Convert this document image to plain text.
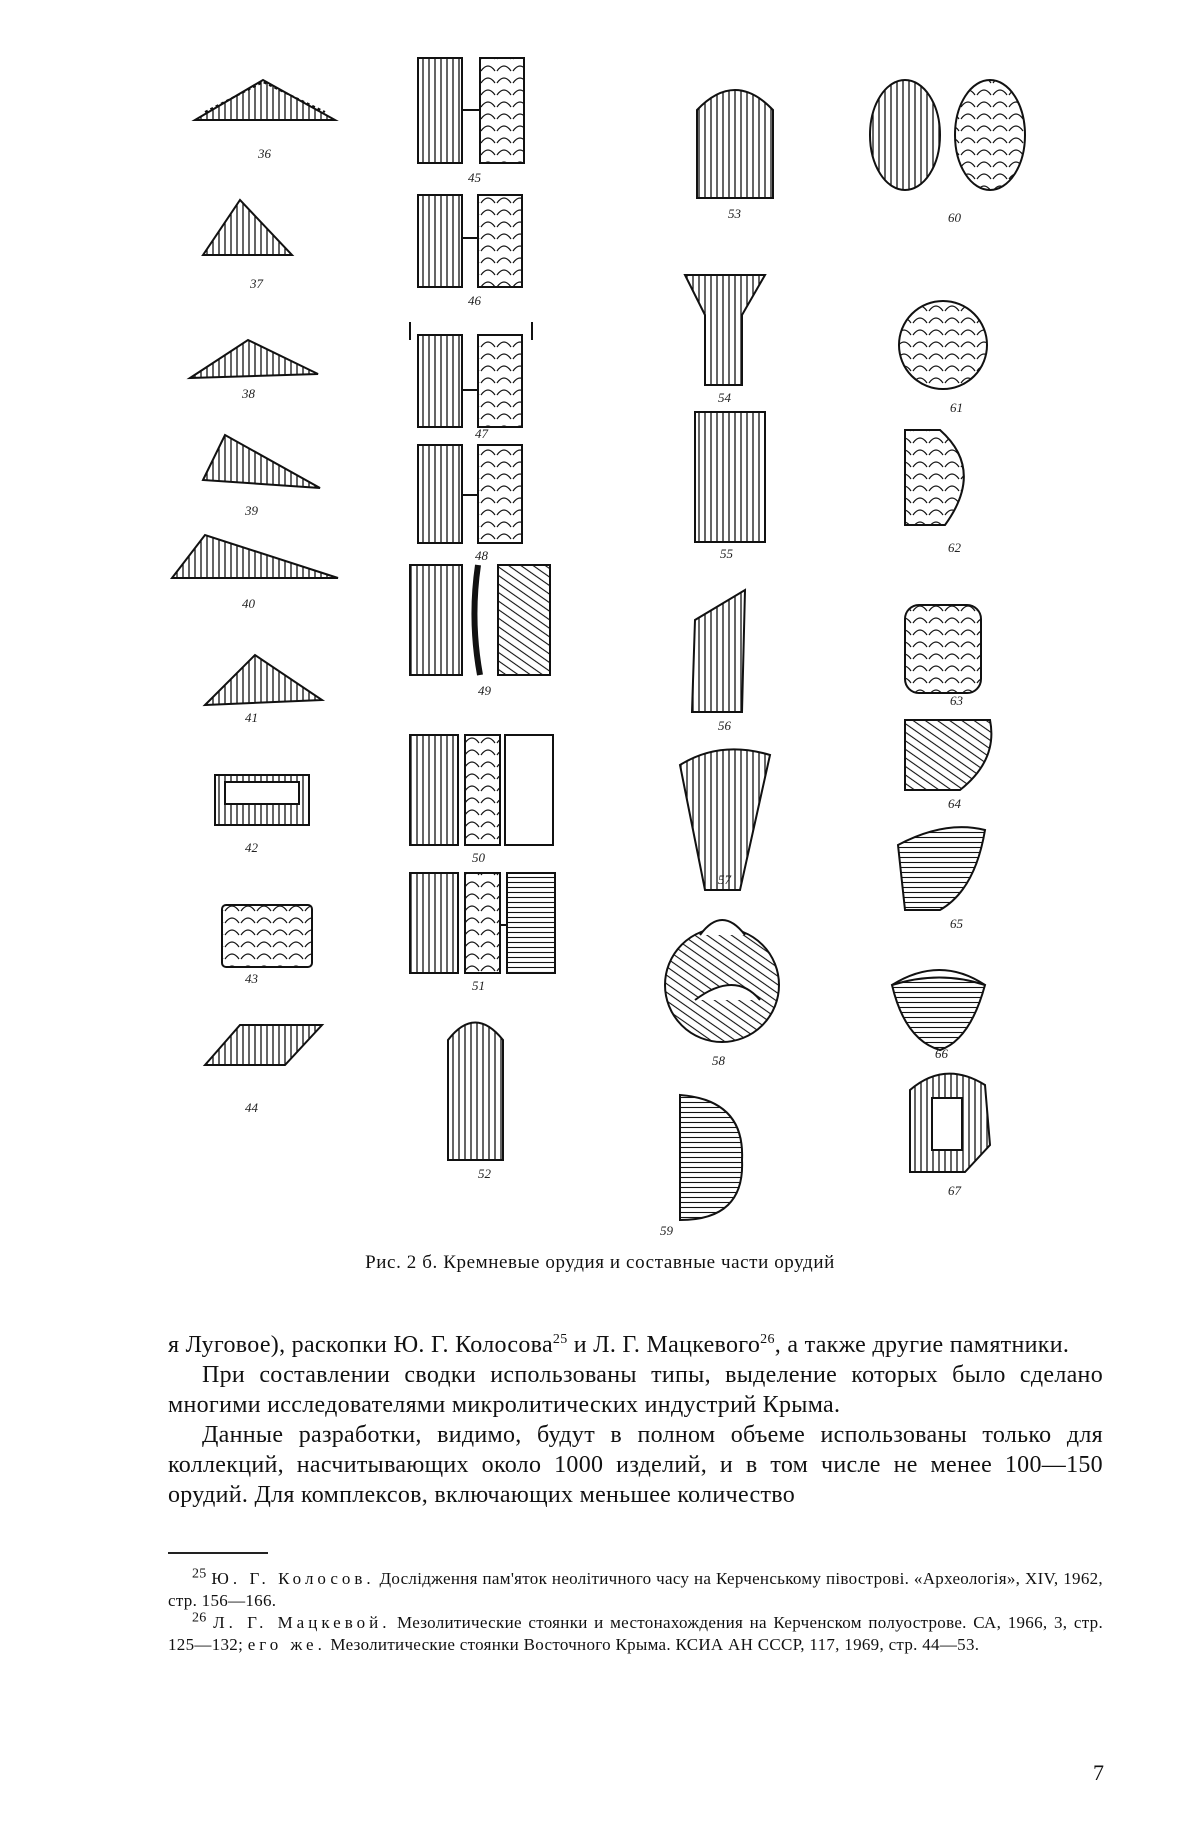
36
37
38
39
40
41
42
43
44
45
46
47
48
49
50
51
52
53
54
55
56
57
58
59
60
61
62
63
64
65
66
67
Рис. 2 б. Кремневые орудия и составные части орудий

я Луговое), раскопки Ю. Г. Колосова$^{25}$ и Л. Г. Мацкевого$^{26}$, а также другие памятники.

При составлении сводки использованы типы, выделение которых было сделано многими исследователями микролитических индустрий Крыма.

Данные разработки, видимо, будут в полном объеме использованы только для коллекций, насчитывающих около 1000 изделий, и в том числе не менее 100—150 орудий. Для комплексов, включающих меньшее количество

$^{25}$ Ю. Г. Колосов. Дослідження пам'яток неолітичного часу на Керченському півострові. «Археологія», XIV, 1962, стр. 156—166.

$^{26}$ Л. Г. Мацкевой. Мезолитические стоянки и местонахождения на Керченском полуострове. СА, 1966, 3, стр. 125—132; его же. Мезолитические стоянки Восточного Крыма. КСИА АН СССР, 117, 1969, стр. 44—53.

7
